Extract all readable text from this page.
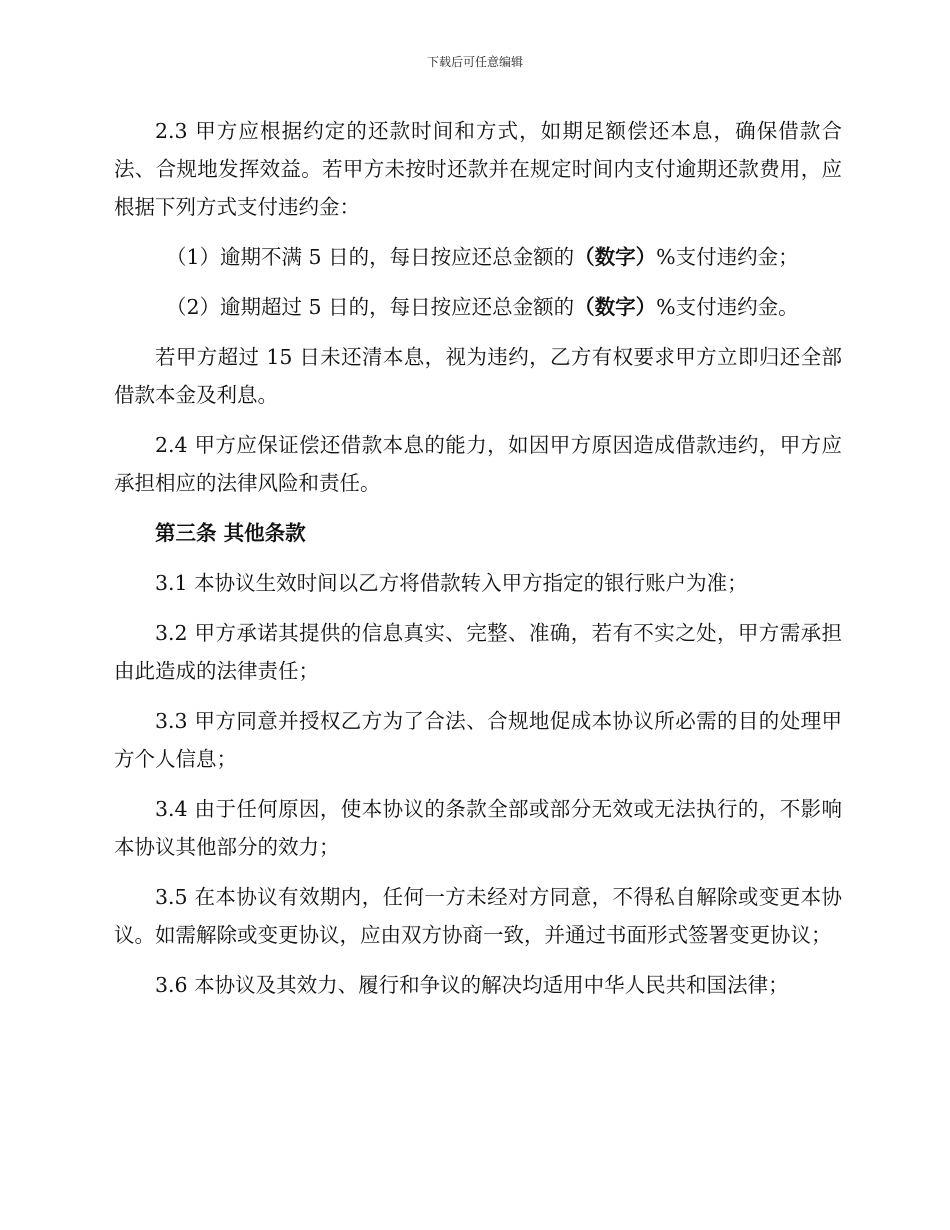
下载后可任意编辑

2.3 甲方应根据约定的还款时间和方式，如期足额偿还本息，确保借款合法、合规地发挥效益。若甲方未按时还款并在规定时间内支付逾期还款费用，应根据下列方式支付违约金：

（1）逾期不满 5 日的，每日按应还总金额的（数字）%支付违约金；

（2）逾期超过 5 日的，每日按应还总金额的（数字）%支付违约金。

若甲方超过 15 日未还清本息，视为违约，乙方有权要求甲方立即归还全部借款本金及利息。

2.4 甲方应保证偿还借款本息的能力，如因甲方原因造成借款违约，甲方应承担相应的法律风险和责任。

第三条 其他条款

3.1 本协议生效时间以乙方将借款转入甲方指定的银行账户为准；

3.2 甲方承诺其提供的信息真实、完整、准确，若有不实之处，甲方需承担由此造成的法律责任；

3.3 甲方同意并授权乙方为了合法、合规地促成本协议所必需的目的处理甲方个人信息；

3.4 由于任何原因，使本协议的条款全部或部分无效或无法执行的，不影响本协议其他部分的效力；

3.5 在本协议有效期内，任何一方未经对方同意，不得私自解除或变更本协议。如需解除或变更协议，应由双方协商一致，并通过书面形式签署变更协议；

3.6 本协议及其效力、履行和争议的解决均适用中华人民共和国法律；
